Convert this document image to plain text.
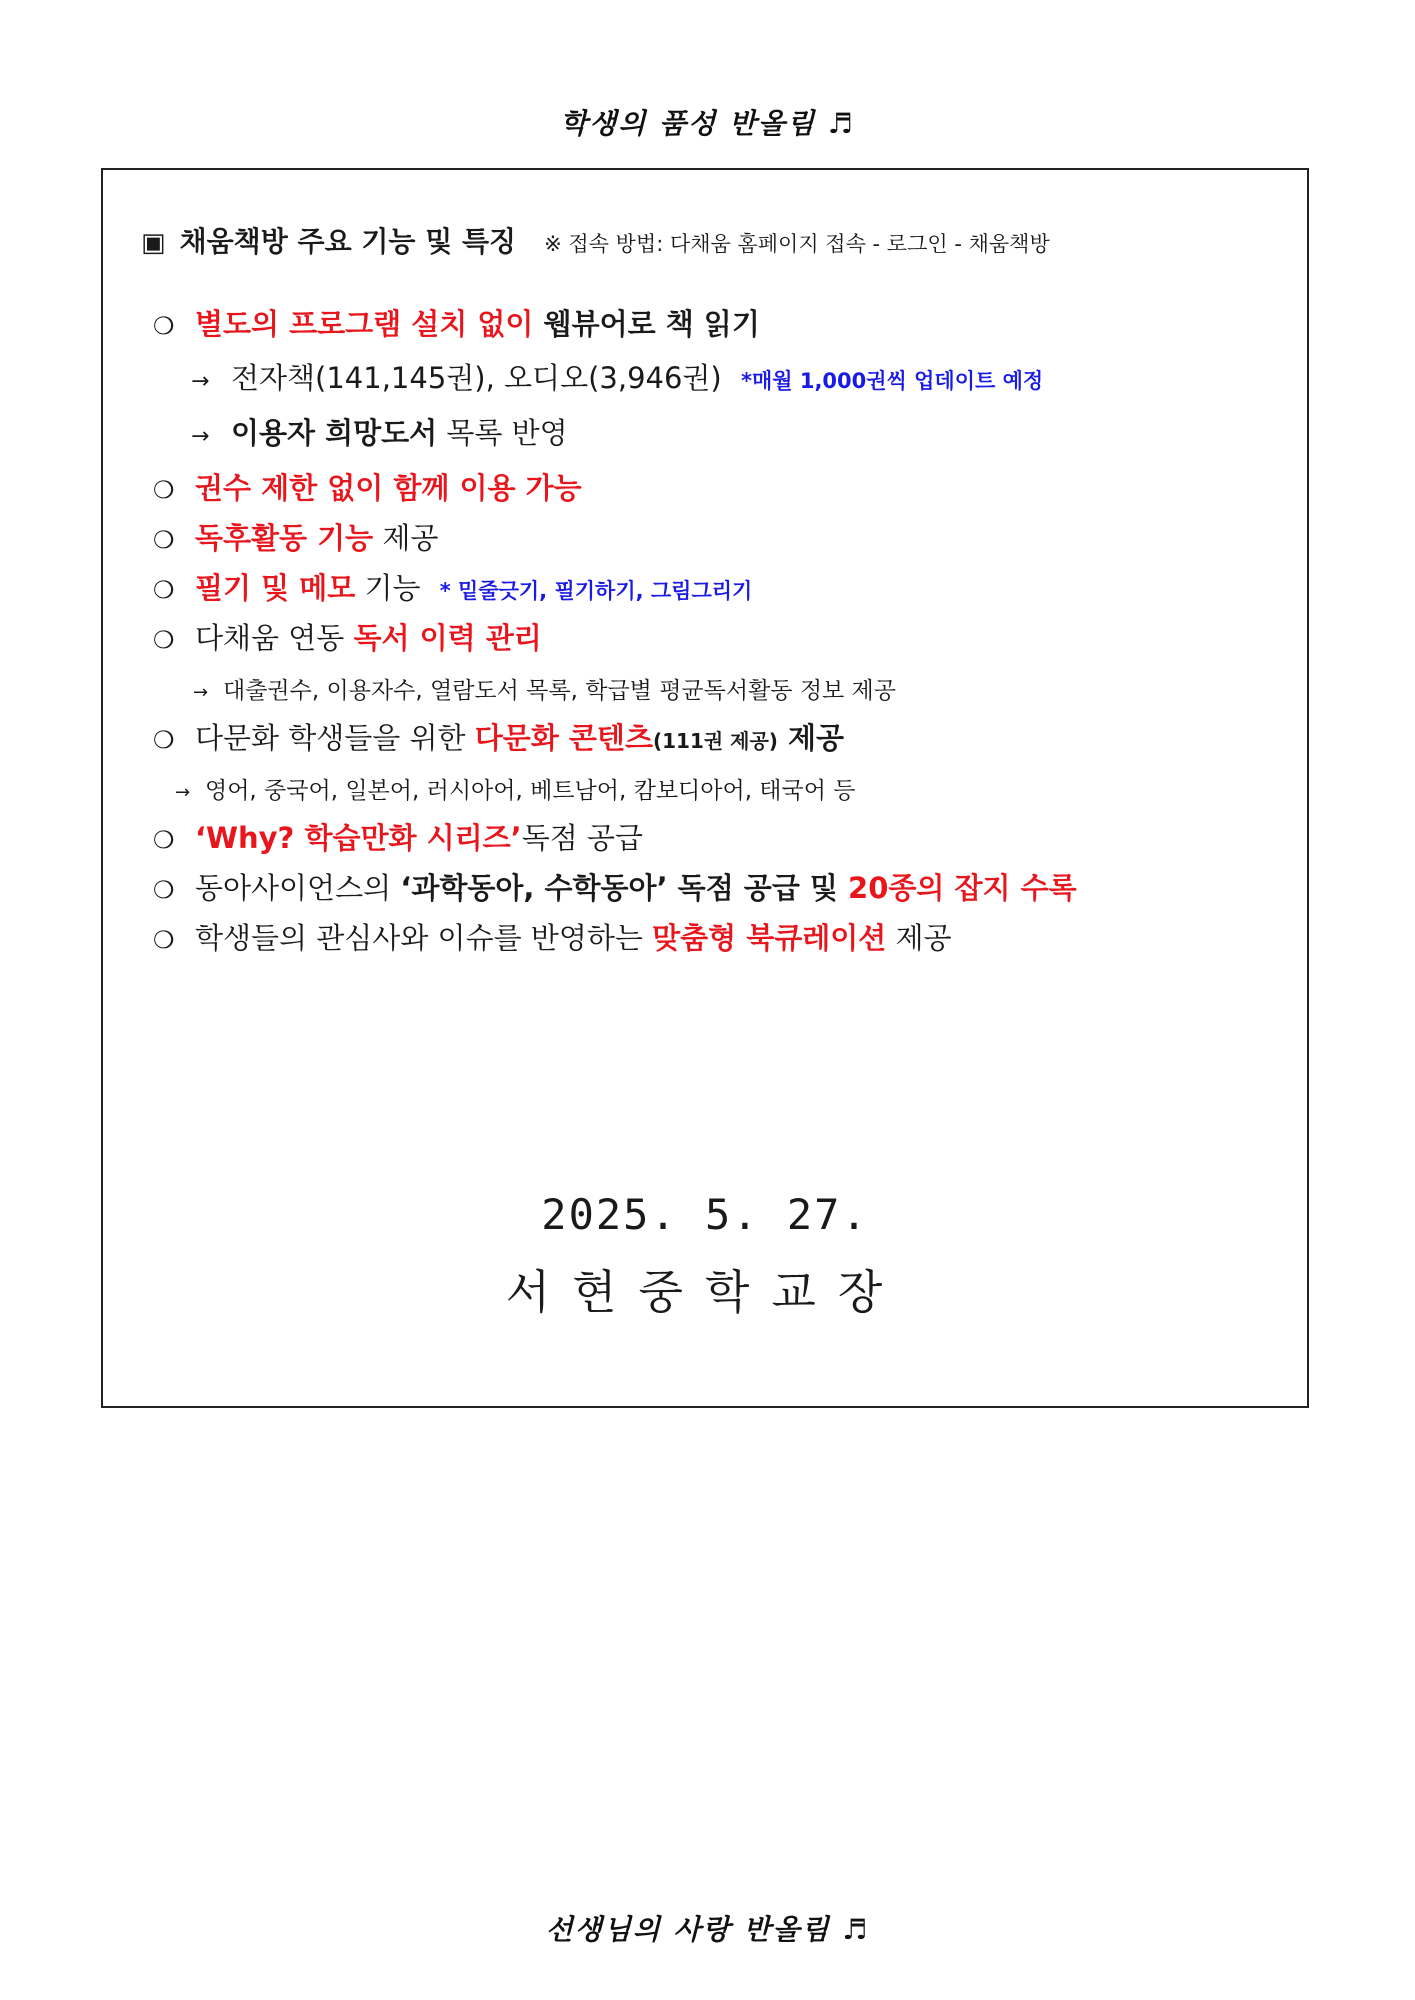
학생의 품성 반올림 ♬
▣ 채움책방 주요 기능 및 특징 ※ 접속 방법: 다채움 홈페이지 접속 - 로그인 - 채움책방
❍ 별도의 프로그램 설치 없이 웹뷰어로 책 읽기
→ 전자책(141,145권), 오디오(3,946권) *매월 1,000권씩 업데이트 예정
→ 이용자 희망도서 목록 반영
❍ 권수 제한 없이 함께 이용 가능
❍ 독후활동 기능 제공
❍ 필기 및 메모 기능 * 밑줄긋기, 필기하기, 그림그리기
❍ 다채움 연동 독서 이력 관리
→ 대출권수, 이용자수, 열람도서 목록, 학급별 평균독서활동 정보 제공
❍ 다문화 학생들을 위한 다문화 콘텐츠(111권 제공) 제공
→ 영어, 중국어, 일본어, 러시아어, 베트남어, 캄보디아어, 태국어 등
❍ ‘Why? 학습만화 시리즈’독점 공급
❍ 동아사이언스의 ‘과학동아, 수학동아’ 독점 공급 및 20종의 잡지 수록
❍ 학생들의 관심사와 이슈를 반영하는 맞춤형 북큐레이션 제공
2025. 5. 27.
서현중학교장
선생님의 사랑 반올림 ♬
